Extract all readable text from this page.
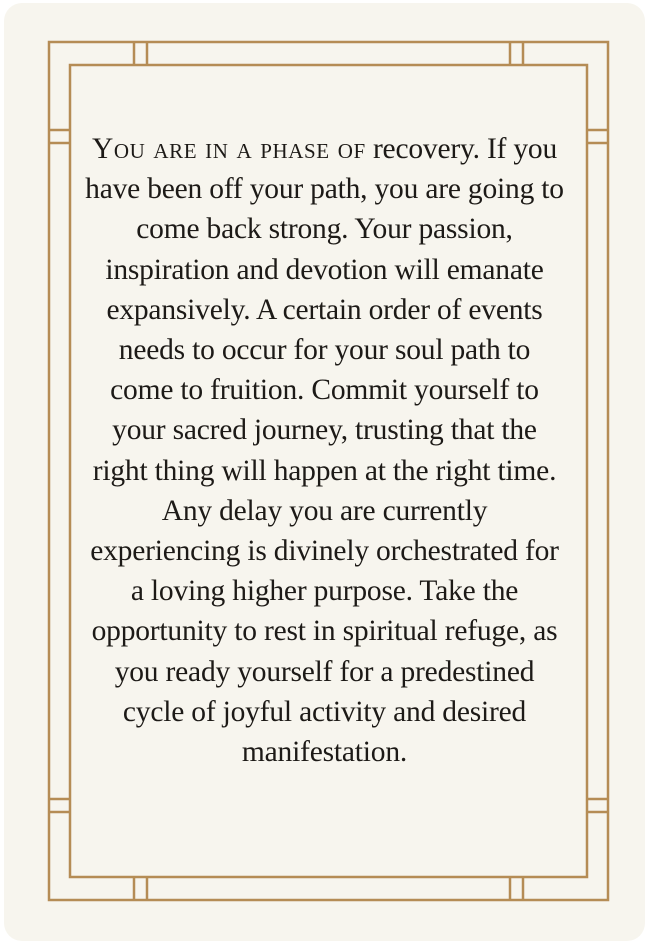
You are in a phase of recovery. If you have been off your path, you are going to come back strong. Your passion, inspiration and devotion will emanate expansively. A certain order of events needs to occur for your soul path to come to fruition. Commit yourself to your sacred journey, trusting that the right thing will happen at the right time. Any delay you are currently experiencing is divinely orchestrated for a loving higher purpose. Take the opportunity to rest in spiritual refuge, as you ready yourself for a predestined cycle of joyful activity and desired manifestation.
